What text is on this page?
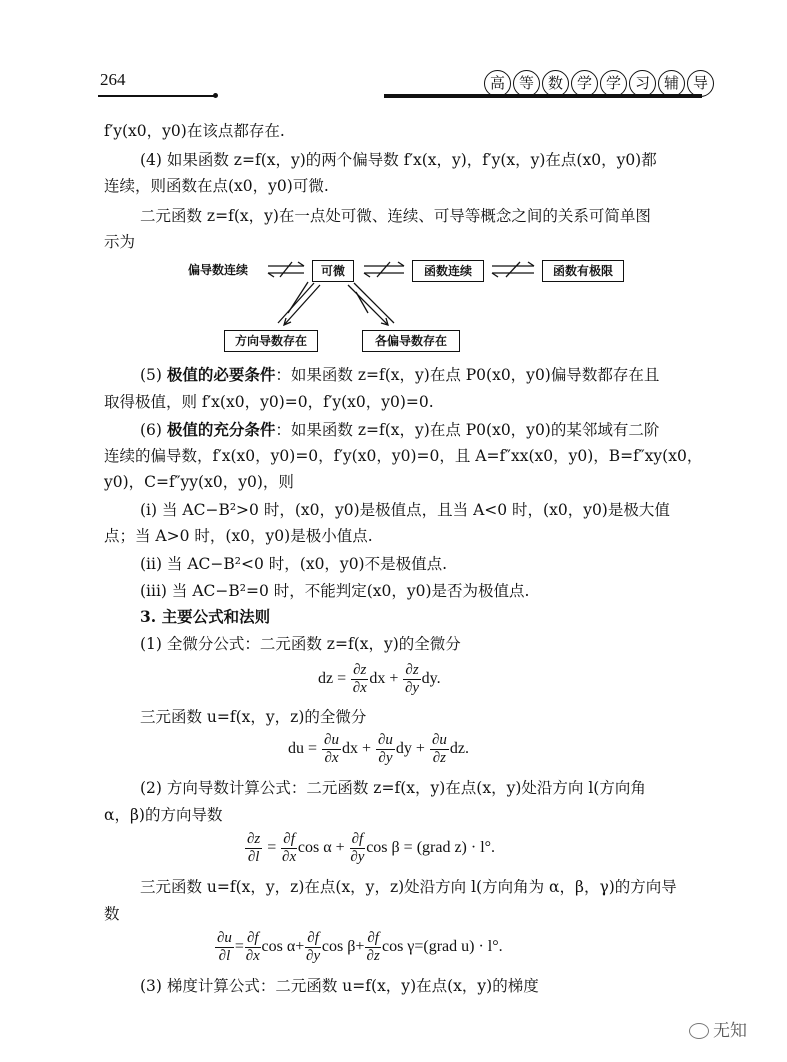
264	高 等 数 学 学 习 辅 导
f′y(x0，y0)在该点都存在.
(4) 如果函数 z=f(x，y)的两个偏导数 f′x(x，y)，f′y(x，y)在点(x0，y0)都
连续，则函数在点(x0，y0)可微.
二元函数 z=f(x，y)在一点处可微、连续、可导等概念之间的关系可简单图
示为
偏导数连续	可微	函数连续	函数有极限
方向导数存在	各偏导数存在
(5) 极值的必要条件：如果函数 z=f(x，y)在点 P0(x0，y0)偏导数都存在且
取得极值，则 f′x(x0，y0)=0，f′y(x0，y0)=0.
(6) 极值的充分条件：如果函数 z=f(x，y)在点 P0(x0，y0)的某邻域有二阶
连续的偏导数，f′x(x0，y0)=0，f′y(x0，y0)=0，且 A=f″xx(x0，y0)，B=f″xy(x0，
y0)，C=f″yy(x0，y0)，则
(i) 当 AC−B²>0 时，(x0，y0)是极值点，且当 A<0 时，(x0，y0)是极大值
点；当 A>0 时，(x0，y0)是极小值点.
(ii) 当 AC−B²<0 时，(x0，y0)不是极值点.
(iii) 当 AC−B²=0 时，不能判定(x0，y0)是否为极值点.
3. 主要公式和法则
(1) 全微分公式：二元函数 z=f(x，y)的全微分
dz = $\frac{\partial z}{\partial x}$ dx + $\frac{\partial z}{\partial y}$ dy.
三元函数 u=f(x，y，z)的全微分
du = $\frac{\partial u}{\partial x}$ dx + $\frac{\partial u}{\partial y}$ dy + $\frac{\partial u}{\partial z}$ dz.
(2) 方向导数计算公式：二元函数 z=f(x，y)在点(x，y)处沿方向 l(方向角
α，β)的方向导数
$\frac{\partial z}{\partial l} = \frac{\partial f}{\partial x}$ $\cos \alpha + \frac{\partial f}{\partial y}$ cos β = (grad z) · l°.
三元函数 u=f(x，y，z)在点(x，y，z)处沿方向 l(方向角为 α，β，γ)的方向导
数
$\frac{\partial u}{\partial l} = \frac{\partial f}{\partial x}$ $\cos \alpha+ \frac{\partial f}{\partial y}$ $\cos \beta+ \frac{\partial f}{\partial z}$ cos γ=(grad u) · l°.
(3) 梯度计算公式：二元函数 u=f(x，y)在点(x，y)的梯度
无知
